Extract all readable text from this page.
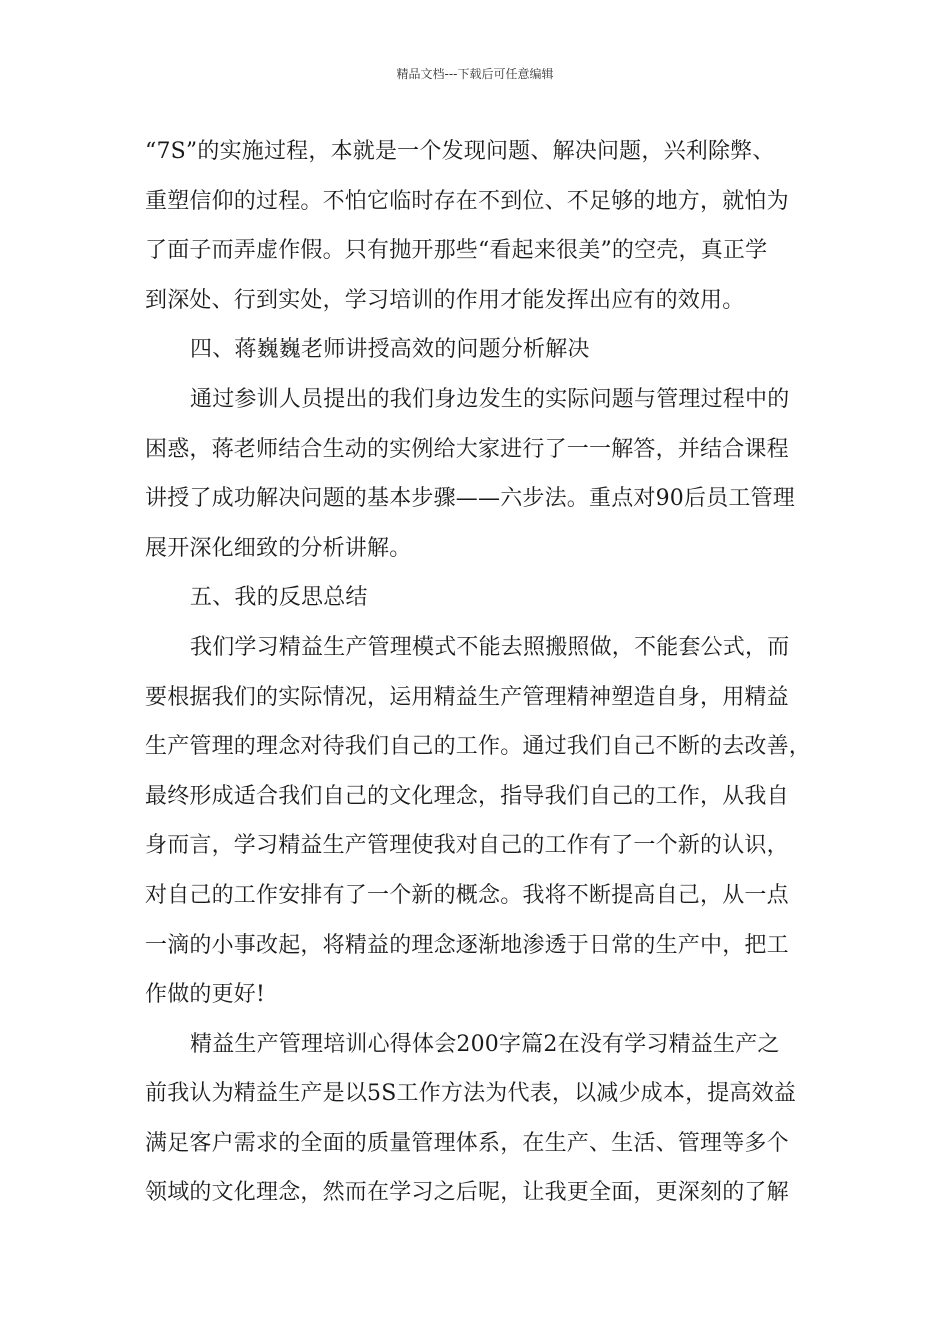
精品文档---下载后可任意编辑
“7S”的实施过程，本就是一个发现问题、解决问题，兴利除弊、
重塑信仰的过程。不怕它临时存在不到位、不足够的地方，就怕为
了面子而弄虚作假。只有抛开那些“看起来很美”的空壳，真正学
到深处、行到实处，学习培训的作用才能发挥出应有的效用。
四、蒋巍巍老师讲授高效的问题分析解决
通过参训人员提出的我们身边发生的实际问题与管理过程中的
困惑，蒋老师结合生动的实例给大家进行了一一解答，并结合课程
讲授了成功解决问题的基本步骤——六步法。重点对90后员工管理
展开深化细致的分析讲解。
五、我的反思总结
我们学习精益生产管理模式不能去照搬照做，不能套公式，而
要根据我们的实际情况，运用精益生产管理精神塑造自身，用精益
生产管理的理念对待我们自己的工作。通过我们自己不断的去改善，
最终形成适合我们自己的文化理念，指导我们自己的工作，从我自
身而言，学习精益生产管理使我对自己的工作有了一个新的认识，
对自己的工作安排有了一个新的概念。我将不断提高自己，从一点
一滴的小事改起，将精益的理念逐渐地渗透于日常的生产中，把工
作做的更好!
精益生产管理培训心得体会200字篇2在没有学习精益生产之
前我认为精益生产是以5S工作方法为代表，以减少成本，提高效益
满足客户需求的全面的质量管理体系，在生产、生活、管理等多个
领域的文化理念，然而在学习之后呢，让我更全面，更深刻的了解
